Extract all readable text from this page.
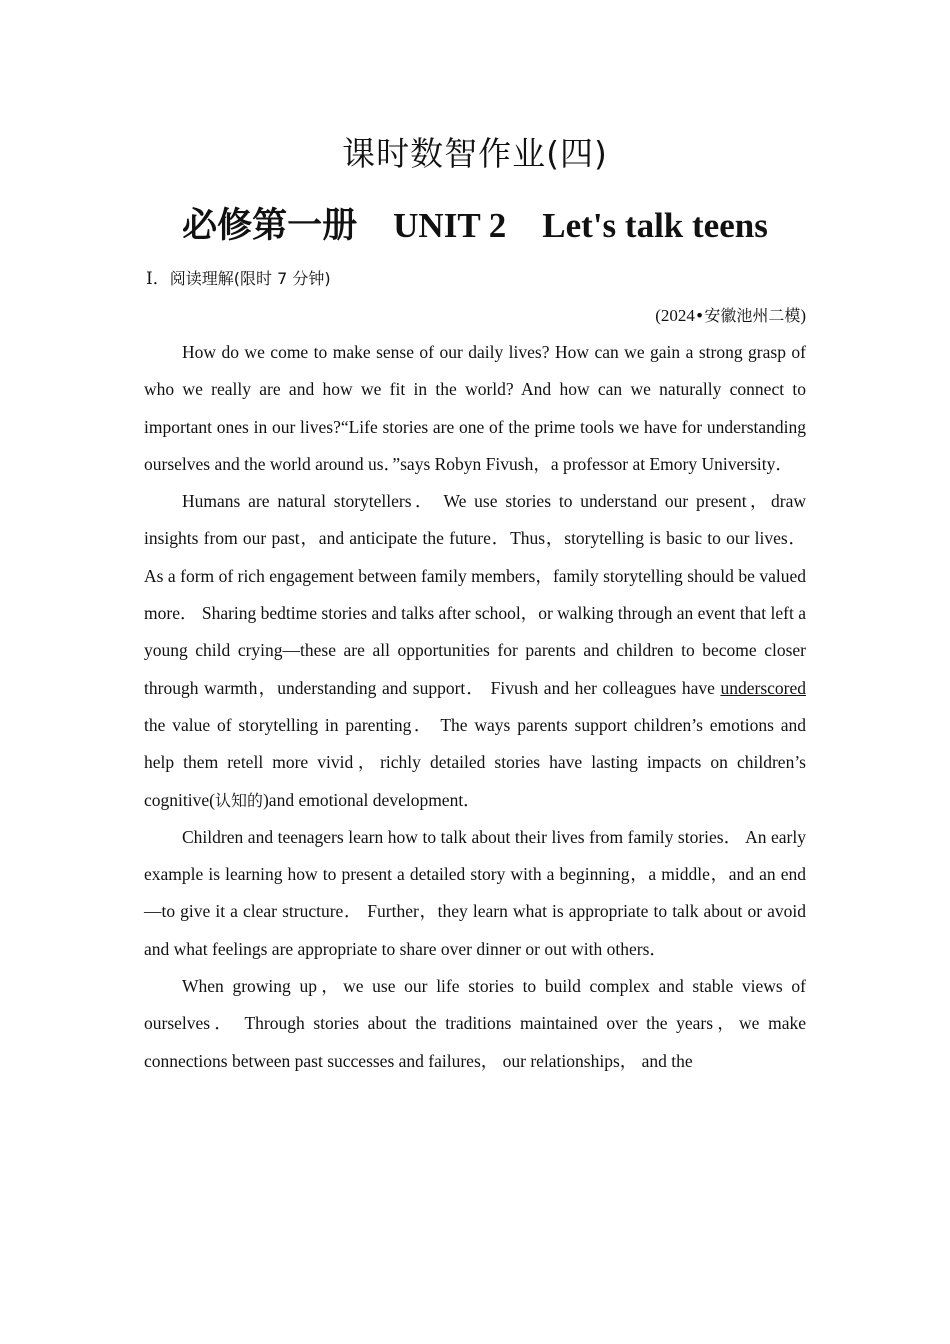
课时数智作业(四)
必修第一册 UNIT 2 Let's talk teens
Ⅰ．阅读理解(限时 7 分钟)
(2024•安徽池州二模)

How do we come to make sense of our daily lives? How can we gain a strong grasp of who we really are and how we fit in the world? And how can we naturally connect to important ones in our lives?“Life stories are one of the prime tools we have for understanding ourselves and the world around us．”says Robyn Fivush，a professor at Emory University．

Humans are natural storytellers． We use stories to understand our present，draw insights from our past，and anticipate the future．Thus，storytelling is basic to our lives． As a form of rich engagement between family members，family storytelling should be valued more． Sharing bedtime stories and talks after school，or walking through an event that left a young child crying—these are all opportunities for parents and children to become closer through warmth，understanding and support． Fivush and her colleagues have underscored the value of storytelling in parenting． The ways parents support children’s emotions and help them retell more vivid，richly detailed stories have lasting impacts on children’s cognitive(认知的)and emotional development．

Children and teenagers learn how to talk about their lives from family stories． An early example is learning how to present a detailed story with a beginning，a middle，and an end—to give it a clear structure． Further，they learn what is appropriate to talk about or avoid and what feelings are appropriate to share over dinner or out with others．

When growing up，we use our life stories to build complex and stable views of ourselves． Through stories about the traditions maintained over the years，we make connections between past successes and failures， our relationships， and the
